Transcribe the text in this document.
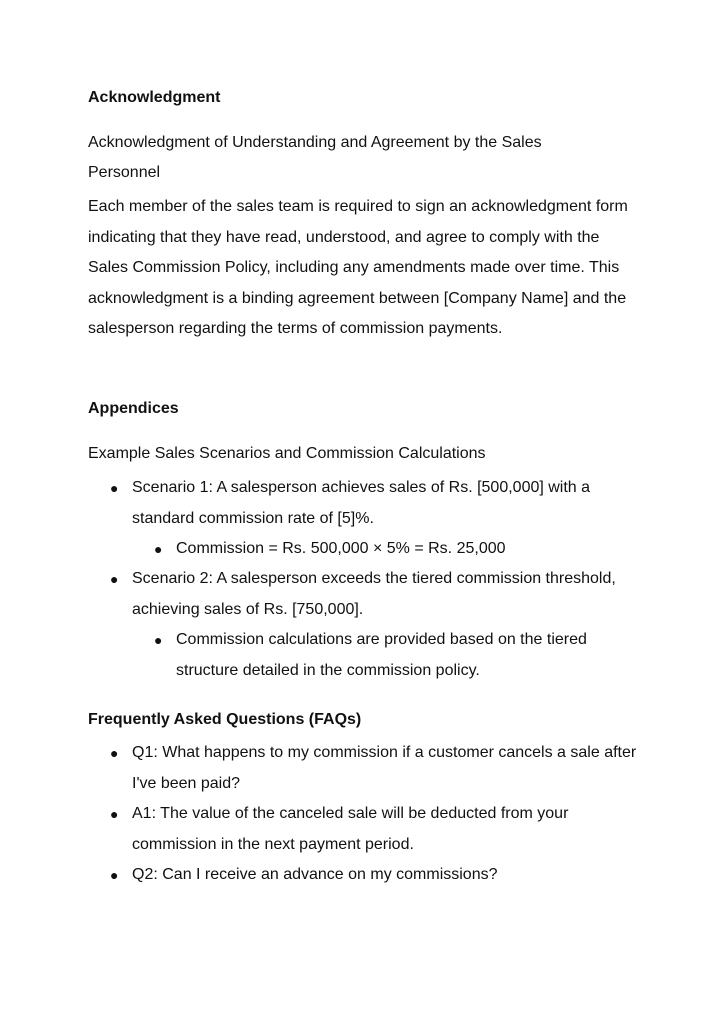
Acknowledgment

Acknowledgment of Understanding and Agreement by the Sales

Personnel

Each member of the sales team is required to sign an acknowledgment form indicating that they have read, understood, and agree to comply with the Sales Commission Policy, including any amendments made over time. This acknowledgment is a binding agreement between [Company Name] and the salesperson regarding the terms of commission payments.

Appendices

Example Sales Scenarios and Commission Calculations

● Scenario 1: A salesperson achieves sales of Rs. [500,000] with a standard commission rate of [5]%.
● Commission = Rs. 500,000 × 5% = Rs. 25,000
● Scenario 2: A salesperson exceeds the tiered commission threshold, achieving sales of Rs. [750,000].
● Commission calculations are provided based on the tiered structure detailed in the commission policy.
Frequently Asked Questions (FAQs)
● Q1: What happens to my commission if a customer cancels a sale after I've been paid?
● A1: The value of the canceled sale will be deducted from your commission in the next payment period.
● Q2: Can I receive an advance on my commissions?
